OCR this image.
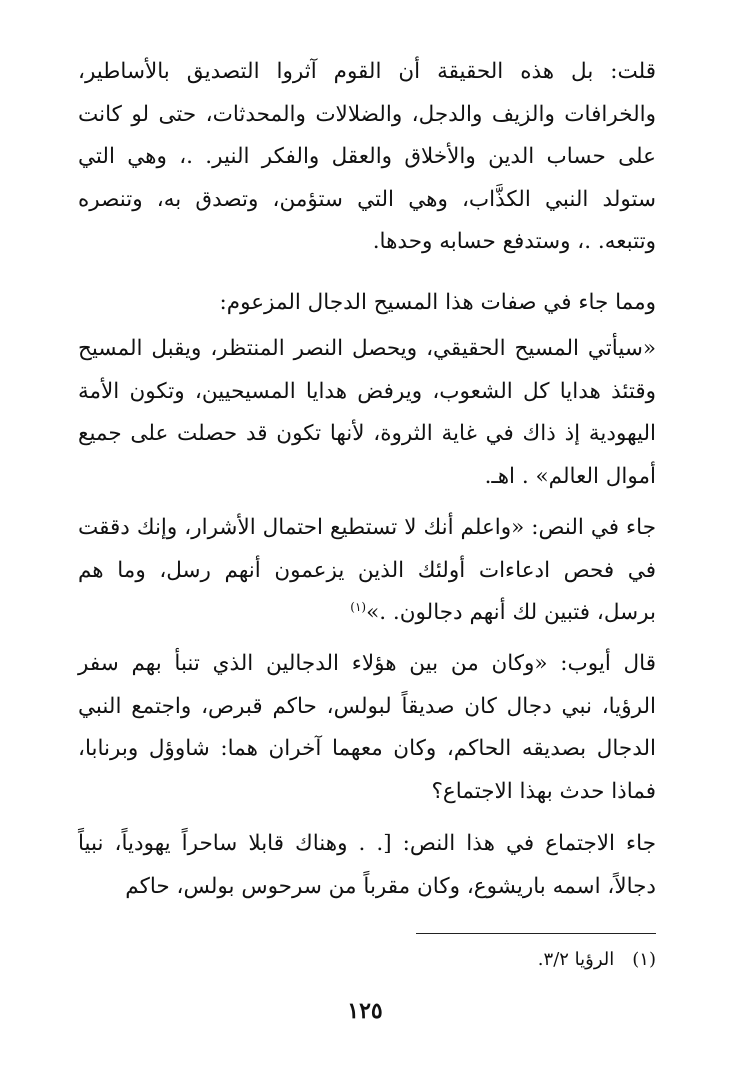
قلت: بل هذه الحقيقة أن القوم آثروا التصديق بالأساطير، والخرافات والزيف والدجل، والضلالات والمحدثات، حتى لو كانت على حساب الدين والأخلاق والعقل والفكر النير. .، وهي التي ستولد النبي الكذَّاب، وهي التي ستؤمن، وتصدق به، وتنصره وتتبعه. .، وستدفع حسابه وحدها.

ومما جاء في صفات هذا المسيح الدجال المزعوم:

«سيأتي المسيح الحقيقي، ويحصل النصر المنتظر، ويقبل المسيح وقتئذ هدايا كل الشعوب، ويرفض هدايا المسيحيين، وتكون الأمة اليهودية إذ ذاك في غاية الثروة، لأنها تكون قد حصلت على جميع أموال العالم» . اهـ.

جاء في النص: «واعلم أنك لا تستطيع احتمال الأشرار، وإنك دققت في فحص ادعاءات أولئك الذين يزعمون أنهم رسل، وما هم برسل، فتبين لك أنهم دجالون. .»$^{(١)}$

قال أيوب: «وكان من بين هؤلاء الدجالين الذي تنبأ بهم سفر الرؤيا، نبي دجال كان صديقاً لبولس، حاكم قبرص، واجتمع النبي الدجال بصديقه الحاكم، وكان معهما آخران هما: شاوؤل وبرنابا، فماذا حدث بهذا الاجتماع؟

جاء الاجتماع في هذا النص: [. . وهناك قابلا ساحراً يهودياً، نبياً دجالاً، اسمه باريشوع، وكان مقرباً من سرحوس بولس، حاكم

(١)الرؤيا ٣/٢.
١٢٥
